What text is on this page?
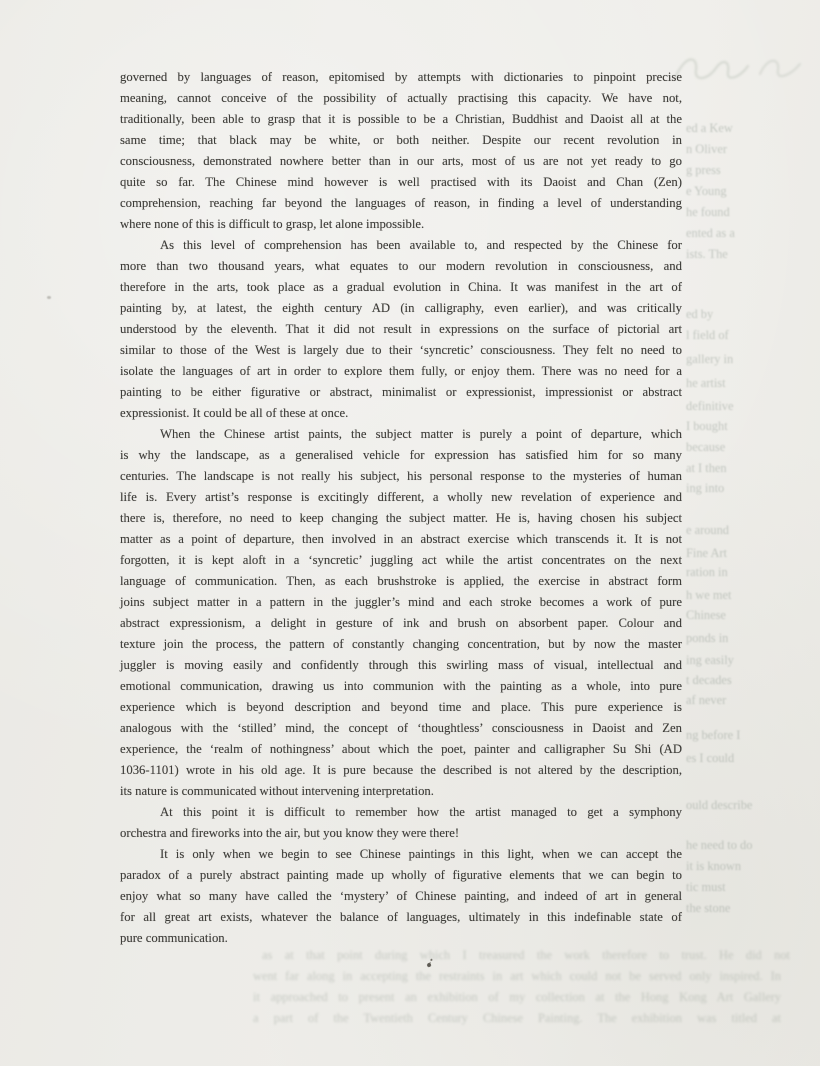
governed by languages of reason, epitomised by attempts with dictionaries to pinpoint precise
meaning, cannot conceive of the possibility of actually practising this capacity. We have not,
traditionally, been able to grasp that it is possible to be a Christian, Buddhist and Daoist all at the
same time; that black may be white, or both neither. Despite our recent revolution in
consciousness, demonstrated nowhere better than in our arts, most of us are not yet ready to go
quite so far. The Chinese mind however is well practised with its Daoist and Chan (Zen)
comprehension, reaching far beyond the languages of reason, in finding a level of understanding
where none of this is difficult to grasp, let alone impossible.
As this level of comprehension has been available to, and respected by the Chinese for
more than two thousand years, what equates to our modern revolution in consciousness, and
therefore in the arts, took place as a gradual evolution in China. It was manifest in the art of
painting by, at latest, the eighth century AD (in calligraphy, even earlier), and was critically
understood by the eleventh. That it did not result in expressions on the surface of pictorial art
similar to those of the West is largely due to their ‘syncretic’ consciousness. They felt no need to
isolate the languages of art in order to explore them fully, or enjoy them. There was no need for a
painting to be either figurative or abstract, minimalist or expressionist, impressionist or abstract
expressionist. It could be all of these at once.
When the Chinese artist paints, the subject matter is purely a point of departure, which
is why the landscape, as a generalised vehicle for expression has satisfied him for so many
centuries. The landscape is not really his subject, his personal response to the mysteries of human
life is. Every artist’s response is excitingly different, a wholly new revelation of experience and
there is, therefore, no need to keep changing the subject matter. He is, having chosen his subject
matter as a point of departure, then involved in an abstract exercise which transcends it. It is not
forgotten, it is kept aloft in a ‘syncretic’ juggling act while the artist concentrates on the next
language of communication. Then, as each brushstroke is applied, the exercise in abstract form
joins subject matter in a pattern in the juggler’s mind and each stroke becomes a work of pure
abstract expressionism, a delight in gesture of ink and brush on absorbent paper. Colour and
texture join the process, the pattern of constantly changing concentration, but by now the master
juggler is moving easily and confidently through this swirling mass of visual, intellectual and
emotional communication, drawing us into communion with the painting as a whole, into pure
experience which is beyond description and beyond time and place. This pure experience is
analogous with the ‘stilled’ mind, the concept of ‘thoughtless’ consciousness in Daoist and Zen
experience, the ‘realm of nothingness’ about which the poet, painter and calligrapher Su Shi (AD
1036-1101) wrote in his old age. It is pure because the described is not altered by the description,
its nature is communicated without intervening interpretation.
At this point it is difficult to remember how the artist managed to get a symphony
orchestra and fireworks into the air, but you know they were there!
It is only when we begin to see Chinese paintings in this light, when we can accept the
paradox of a purely abstract painting made up wholly of figurative elements that we can begin to
enjoy what so many have called the ‘mystery’ of Chinese painting, and indeed of art in general
for all great art exists, whatever the balance of languages, ultimately in this indefinable state of
pure communication.
ed a Kew
n Oliver
g press
e Young
he found
ented as a
ists. The
ed by
l field of
gallery in
he artist
definitive
I bought
because
at I then
ing into
e around
Fine Art
ration in
h we met
Chinese
ponds in
ing easily
t decades
af never
ng before I
es I could
ould describe
he need to do
it is known
tic must
the stone
as at that point during which I treasured the work therefore to trust. He did not
went far along in accepting the restraints in art which could not be served only inspired. In
it approached to present an exhibition of my collection at the Hong Kong Art Gallery
a part of the Twentieth Century Chinese Painting. The exhibition was titled at
